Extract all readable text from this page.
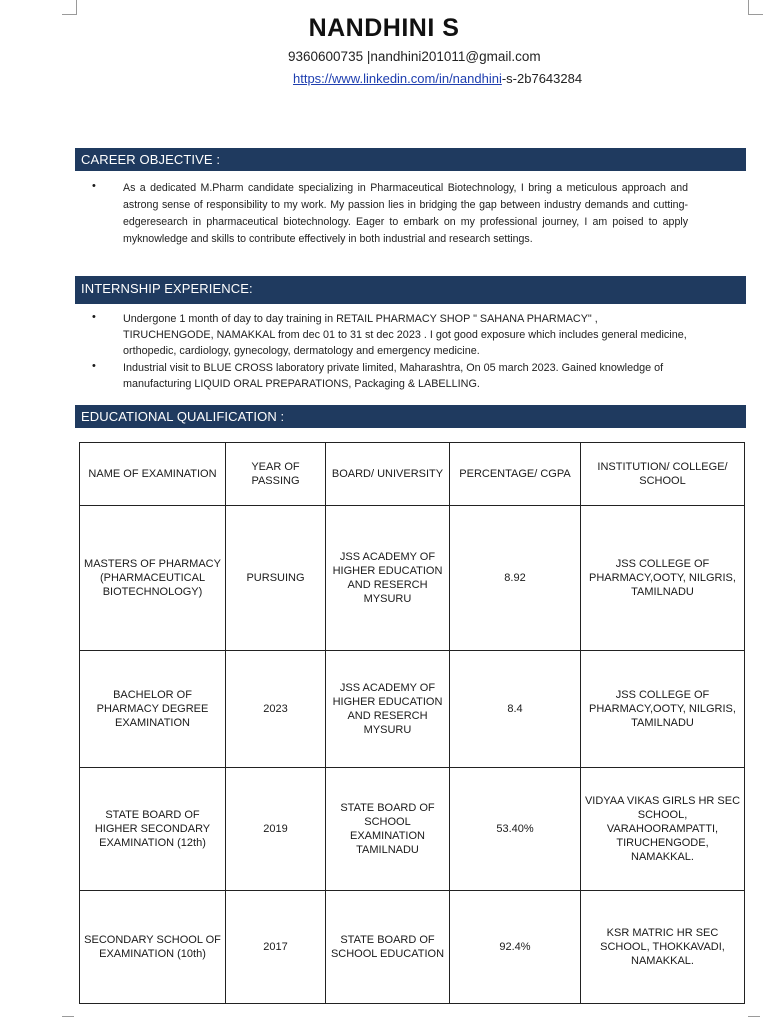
NANDHINI S
9360600735 |nandhini201011@gmail.com
https://www.linkedin.com/in/nandhini-s-2b7643284
CAREER OBJECTIVE :
•	As a dedicated M.Pharm candidate specializing in Pharmaceutical Biotechnology, I bring a meticulous approach and astrong sense of responsibility to my work. My passion lies in bridging the gap between industry demands and cutting-edgeresearch in pharmaceutical biotechnology. Eager to embark on my professional journey, I am poised to apply myknowledge and skills to contribute effectively in both industrial and research settings.
INTERNSHIP EXPERIENCE:
•	Undergone 1 month of day to day training in RETAIL PHARMACY SHOP " SAHANA PHARMACY" , TIRUCHENGODE, NAMAKKAL from dec 01 to 31 st dec 2023 . I got good exposure which includes general medicine, orthopedic, cardiology, gynecology, dermatology and emergency medicine.
•	Industrial visit to BLUE CROSS laboratory private limited, Maharashtra, On 05 march 2023. Gained knowledge of manufacturing LIQUID ORAL PREPARATIONS, Packaging & LABELLING.
EDUCATIONAL QUALIFICATION :
NAME OF EXAMINATION	YEAR OF PASSING	BOARD/ UNIVERSITY	PERCENTAGE/ CGPA	INSTITUTION/ COLLEGE/ SCHOOL
MASTERS OF PHARMACY (PHARMACEUTICAL BIOTECHNOLOGY)	PURSUING	JSS ACADEMY OF HIGHER EDUCATION AND RESERCH MYSURU	8.92	JSS COLLEGE OF PHARMACY,OOTY, NILGRIS, TAMILNADU
BACHELOR OF PHARMACY DEGREE EXAMINATION	2023	JSS ACADEMY OF HIGHER EDUCATION AND RESERCH MYSURU	8.4	JSS COLLEGE OF PHARMACY,OOTY, NILGRIS, TAMILNADU
STATE BOARD OF HIGHER SECONDARY EXAMINATION (12th)	2019	STATE BOARD OF SCHOOL EXAMINATION TAMILNADU	53.40%	VIDYAA VIKAS GIRLS HR SEC SCHOOL, VARAHOORAMPATTI, TIRUCHENGODE, NAMAKKAL.
SECONDARY SCHOOL OF EXAMINATION (10th)	2017	STATE BOARD OF SCHOOL EDUCATION	92.4%	KSR MATRIC HR SEC SCHOOL, THOKKAVADI, NAMAKKAL.
